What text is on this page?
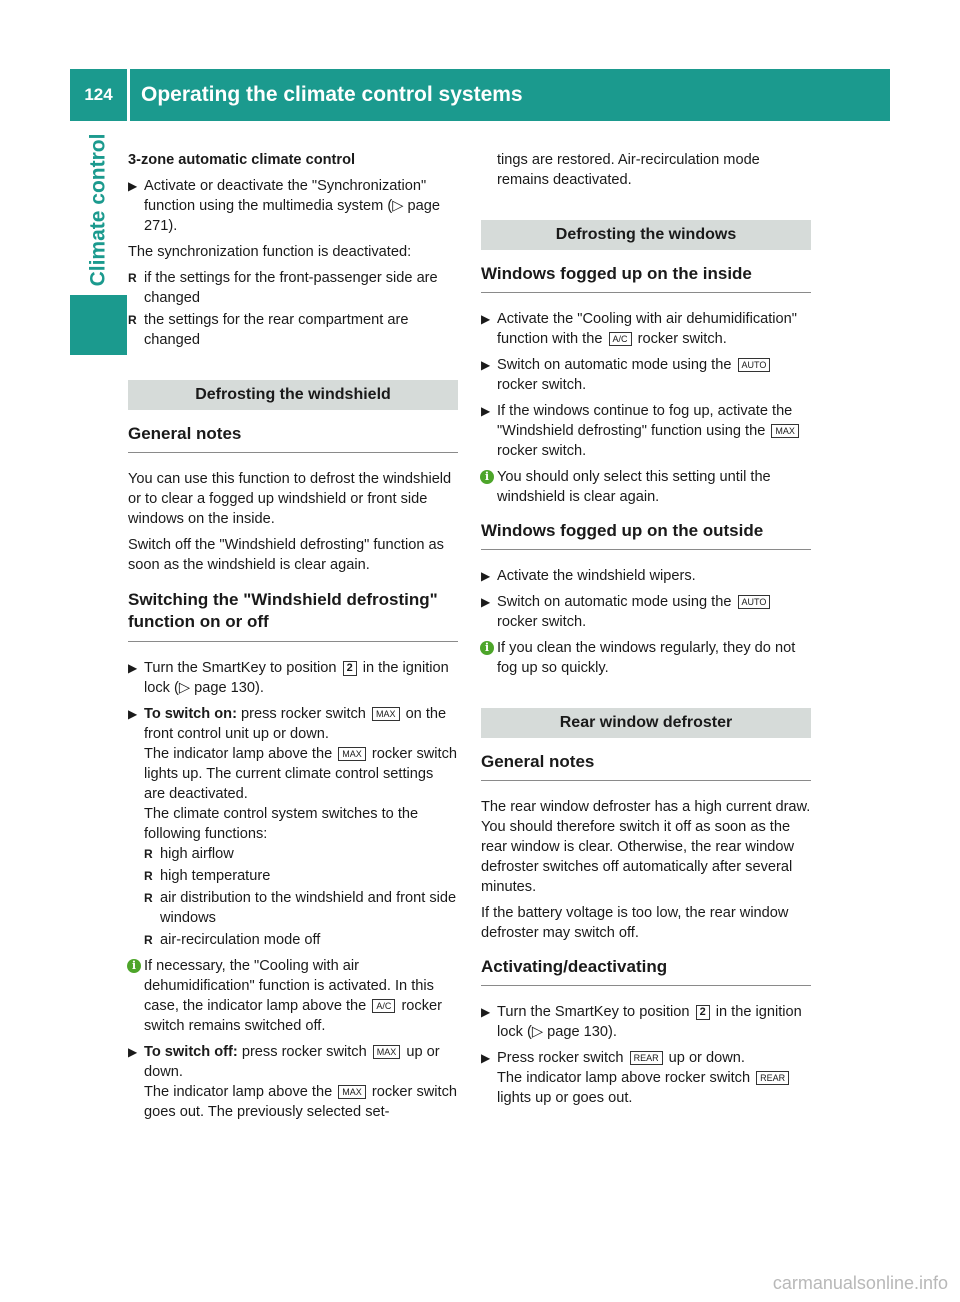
124	Operating the climate control systems
Climate control 3-zone automatic climate control

▶ Activate or deactivate the "Synchronization" function using the multimedia system (▷ page 271).

The synchronization function is deactivated:

R if the settings for the front-passenger side are changed
R the settings for the rear compartment are changed
Defrosting the windshield
General notes

You can use this function to defrost the windshield or to clear a fogged up windshield or front side windows on the inside.

Switch off the "Windshield defrosting" function as soon as the windshield is clear again.

Switching the "Windshield defrosting" function on or off
▶ Turn the SmartKey to position 2 in the ignition lock (▷ page 130).
▶ To switch on: press rocker switch MAX on the front control unit up or down.
The indicator lamp above the MAX rocker switch lights up. The current climate control settings are deactivated.
The climate control system switches to the following functions:
R high airflow
R high temperature
R air distribution to the windshield and front side windows
R air-recirculation mode off
i If necessary, the "Cooling with air dehumidification" function is activated. In this case, the indicator lamp above the A/C rocker switch remains switched off.
▶ To switch off: press rocker switch MAX up or down.
The indicator lamp above the MAX rocker switch goes out. The previously selected set-

tings are restored. Air-recirculation mode remains deactivated.

Defrosting the windows
Windows fogged up on the inside
▶ Activate the "Cooling with air dehumidification" function with the A/C rocker switch.
▶ Switch on automatic mode using the AUTO rocker switch.
▶ If the windows continue to fog up, activate the "Windshield defrosting" function using the MAX rocker switch.
i You should only select this setting until the windshield is clear again.
Windows fogged up on the outside
▶ Activate the windshield wipers.
▶ Switch on automatic mode using the AUTO rocker switch.
i If you clean the windows regularly, they do not fog up so quickly.
Rear window defroster
General notes

The rear window defroster has a high current draw. You should therefore switch it off as soon as the rear window is clear. Otherwise, the rear window defroster switches off automatically after several minutes.

If the battery voltage is too low, the rear window defroster may switch off.

Activating/deactivating
▶ Turn the SmartKey to position 2 in the ignition lock (▷ page 130).
▶ Press rocker switch REAR up or down.
The indicator lamp above rocker switch REAR
lights up or goes out.
carmanualsonline.info
